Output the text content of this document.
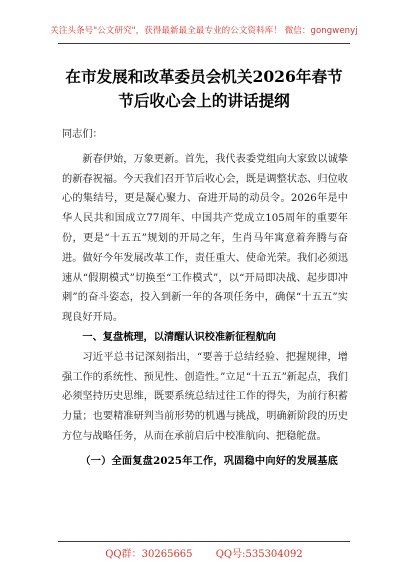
关注头条号"公文研究"，获得最新最全最专业的公文资料库！ 微信：gongwenyj
在市发展和改革委员会机关2026年春节
节后收心会上的讲话提纲

同志们：

新春伊始，万象更新。首先，我代表委党组向大家致以诚挚的新春祝福。今天我们召开节后收心会，既是调整状态、归位收心的集结号，更是凝心聚力、奋进开局的动员令。2026年是中华人民共和国成立77周年、中国共产党成立105周年的重要年份，更是“十五五”规划的开局之年，生肖马年寓意着奔腾与奋进。做好今年发展改革工作，责任重大、使命光荣。我们必须迅速从“假期模式”切换至“工作模式”，以“开局即决战、起步即冲刺”的奋斗姿态，投入到新一年的各项任务中，确保“十五五”实现良好开局。

一、复盘梳理，以清醒认识校准新征程航向

习近平总书记深刻指出，“要善于总结经验、把握规律，增强工作的系统性、预见性、创造性。”立足“十五五”新起点，我们必须坚持历史思维，既要系统总结过往工作的得失，为前行积蓄力量；也要精准研判当前形势的机遇与挑战，明确新阶段的历史方位与战略任务，从而在承前启后中校准航向、把稳舵盘。

（一）全面复盘2025年工作，巩固稳中向好的发展基底

QQ群：30265665 QQ号:535304092
